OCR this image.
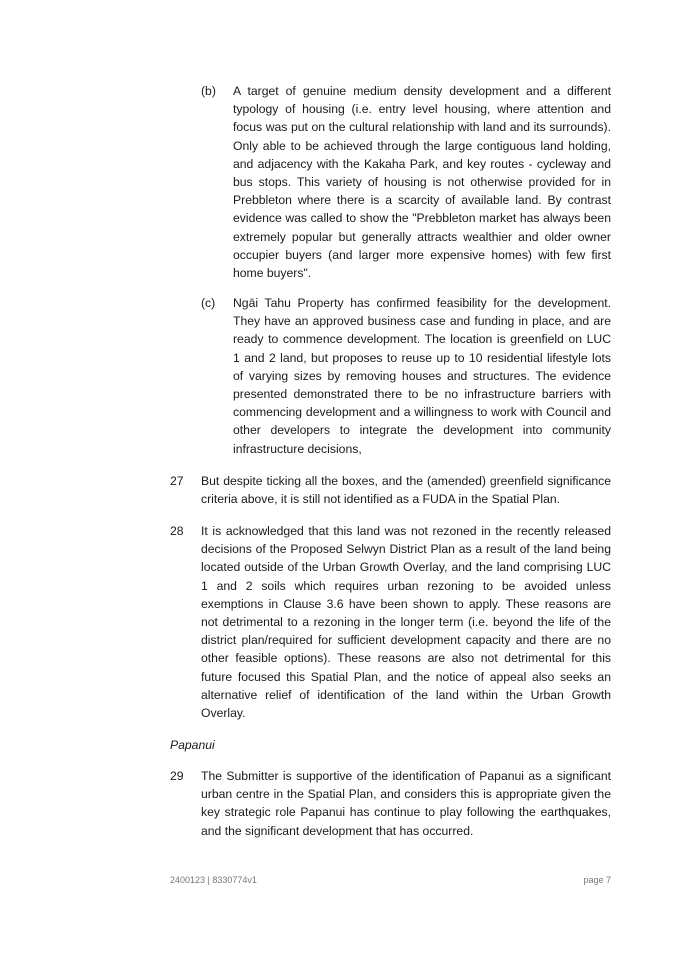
(b) A target of genuine medium density development and a different
typology of housing (i.e. entry level housing, where attention and
focus was put on the cultural relationship with land and its surrounds).
Only able to be achieved through the large contiguous land holding,
and adjacency with the Kakaha Park, and key routes - cycleway and
bus stops. This variety of housing is not otherwise provided for in
Prebbleton where there is a scarcity of available land. By contrast
evidence was called to show the "Prebbleton market has always been
extremely popular but generally attracts wealthier and older owner
occupier buyers (and larger more expensive homes) with few first
home buyers".
(c) Ngāi Tahu Property has confirmed feasibility for the development.
They have an approved business case and funding in place, and are
ready to commence development. The location is greenfield on LUC
1 and 2 land, but proposes to reuse up to 10 residential lifestyle lots
of varying sizes by removing houses and structures. The evidence
presented demonstrated there to be no infrastructure barriers with
commencing development and a willingness to work with Council and
other developers to integrate the development into community
infrastructure decisions,
27 But despite ticking all the boxes, and the (amended) greenfield significance
criteria above, it is still not identified as a FUDA in the Spatial Plan.
28 It is acknowledged that this land was not rezoned in the recently released
decisions of the Proposed Selwyn District Plan as a result of the land being
located outside of the Urban Growth Overlay, and the land comprising LUC
1 and 2 soils which requires urban rezoning to be avoided unless
exemptions in Clause 3.6 have been shown to apply. These reasons are
not detrimental to a rezoning in the longer term (i.e. beyond the life of the
district plan/required for sufficient development capacity and there are no
other feasible options). These reasons are also not detrimental for this
future focused this Spatial Plan, and the notice of appeal also seeks an
alternative relief of identification of the land within the Urban Growth
Overlay.
Papanui
29 The Submitter is supportive of the identification of Papanui as a significant
urban centre in the Spatial Plan, and considers this is appropriate given the
key strategic role Papanui has continue to play following the earthquakes,
and the significant development that has occurred.
2400123 | 8330774v1	page 7
